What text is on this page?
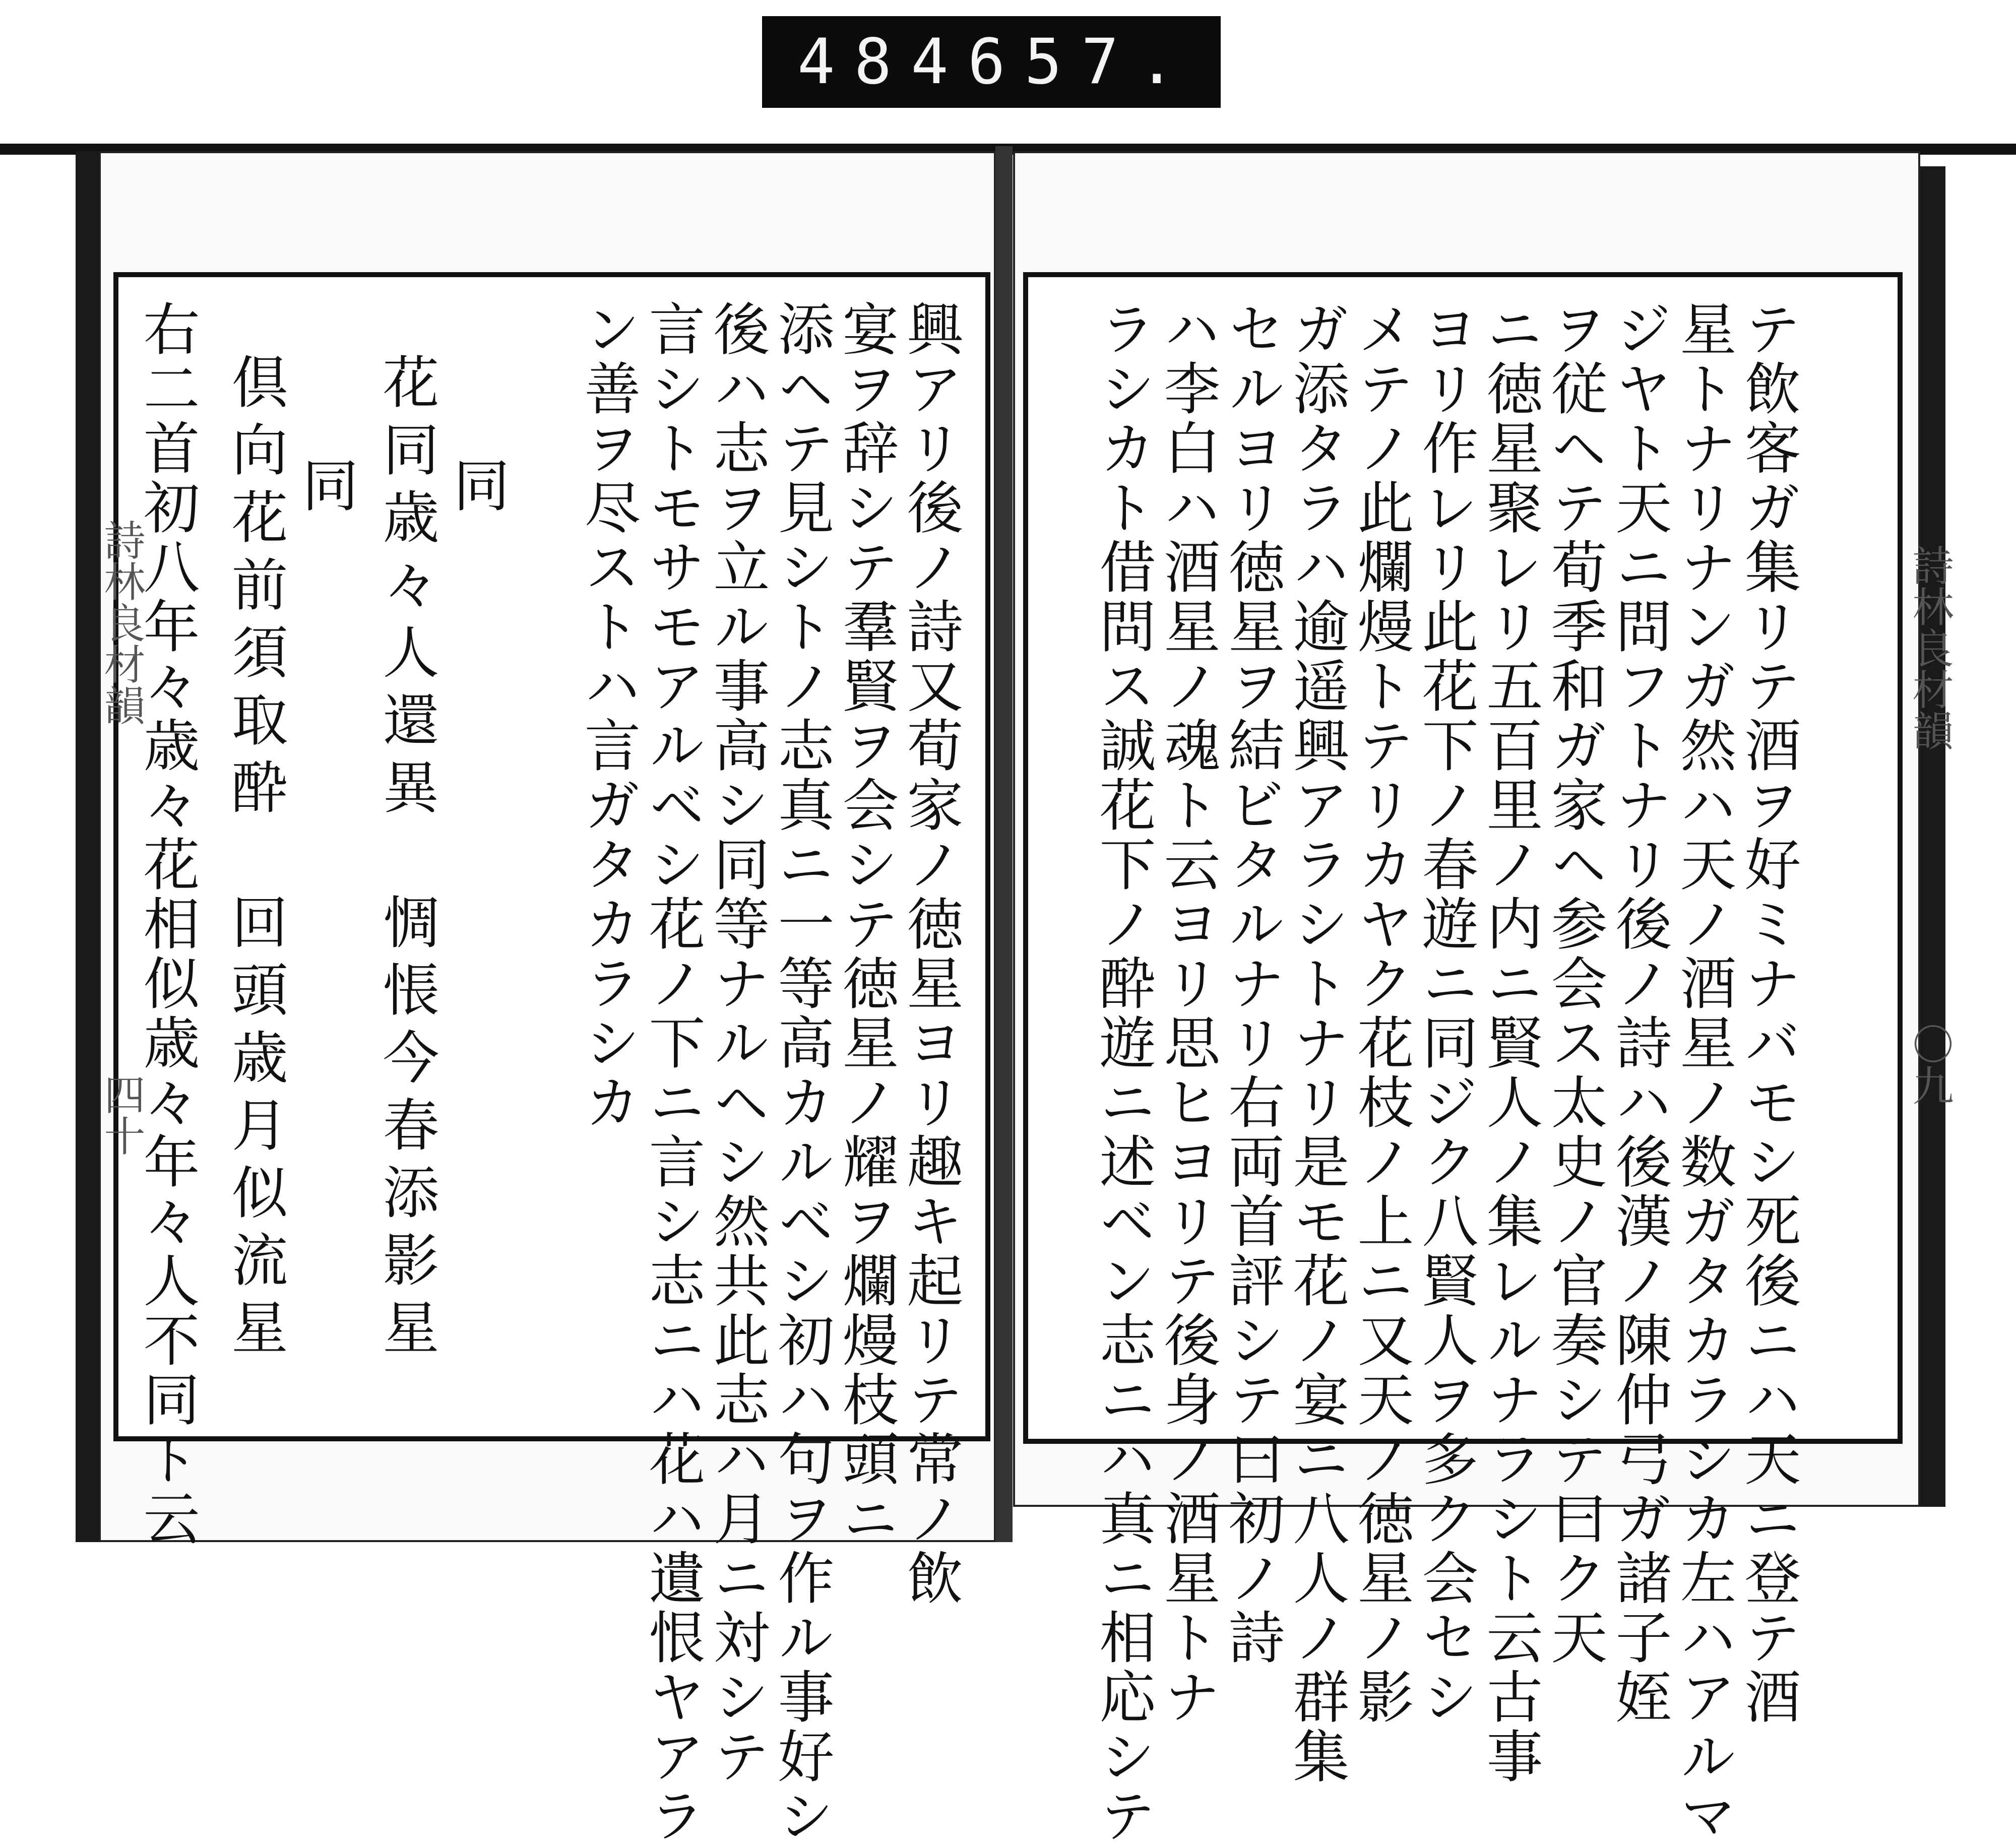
484 657.
テ飲客ガ集リテ酒ヲ好ミナバモシ死後ニハ天ニ登テ酒
星トナリナンガ然ハ天ノ酒星ノ数ガタカラシカ左ハアルマ
ジヤト天ニ問フトナリ後ノ詩ハ後漢ノ陳仲弓ガ諸子姪
ヲ従ヘテ荀季和ガ家ヘ参会ス太史ノ官奏シテ曰ク天
ニ徳星聚レリ五百里ノ内ニ賢人ノ集レルナラシト云古事
ヨリ作レリ此花下ノ春遊ニ同ジク八賢人ヲ多ク会セシ
メテノ此爛熳トテリカヤク花枝ノ上ニ又天ノ徳星ノ影
ガ添タラハ逾遥興アラシトナリ是モ花ノ宴ニ八人ノ群集
セルヨリ徳星ヲ結ビタルナリ右両首評シテ曰初ノ詩
ハ李白ハ酒星ノ魂ト云ヨリ思ヒヨリテ後身ノ酒星トナ
ラシカト借問ス誠花下ノ酔遊ニ述ベン志ニハ真ニ相応シテ	詩林良材韻
〇九
興アリ後ノ詩又荀家ノ徳星ヨリ趣キ起リテ常ノ飲
宴ヲ辞シテ羣賢ヲ会シテ徳星ノ耀ヲ爛熳枝頭ニ
添ヘテ見シトノ志真ニ一等高カルベシ初ハ句ヲ作ル事好シ
後ハ志ヲ立ル事高シ同等ナルヘシ然共此志ハ月ニ対シテ
言シトモサモアルベシ花ノ下ニ言シ志ニハ花ハ遺恨ヤアラ
ン善ヲ尽ストハ言ガタカラシカ
同
花同歳々人還異　惆悵今春添影星
同
倶向花前須取酔　回頭歳月似流星
右二首初八年々歳々花相似歳々年々人不同ト云
詩林良材韻
四十
